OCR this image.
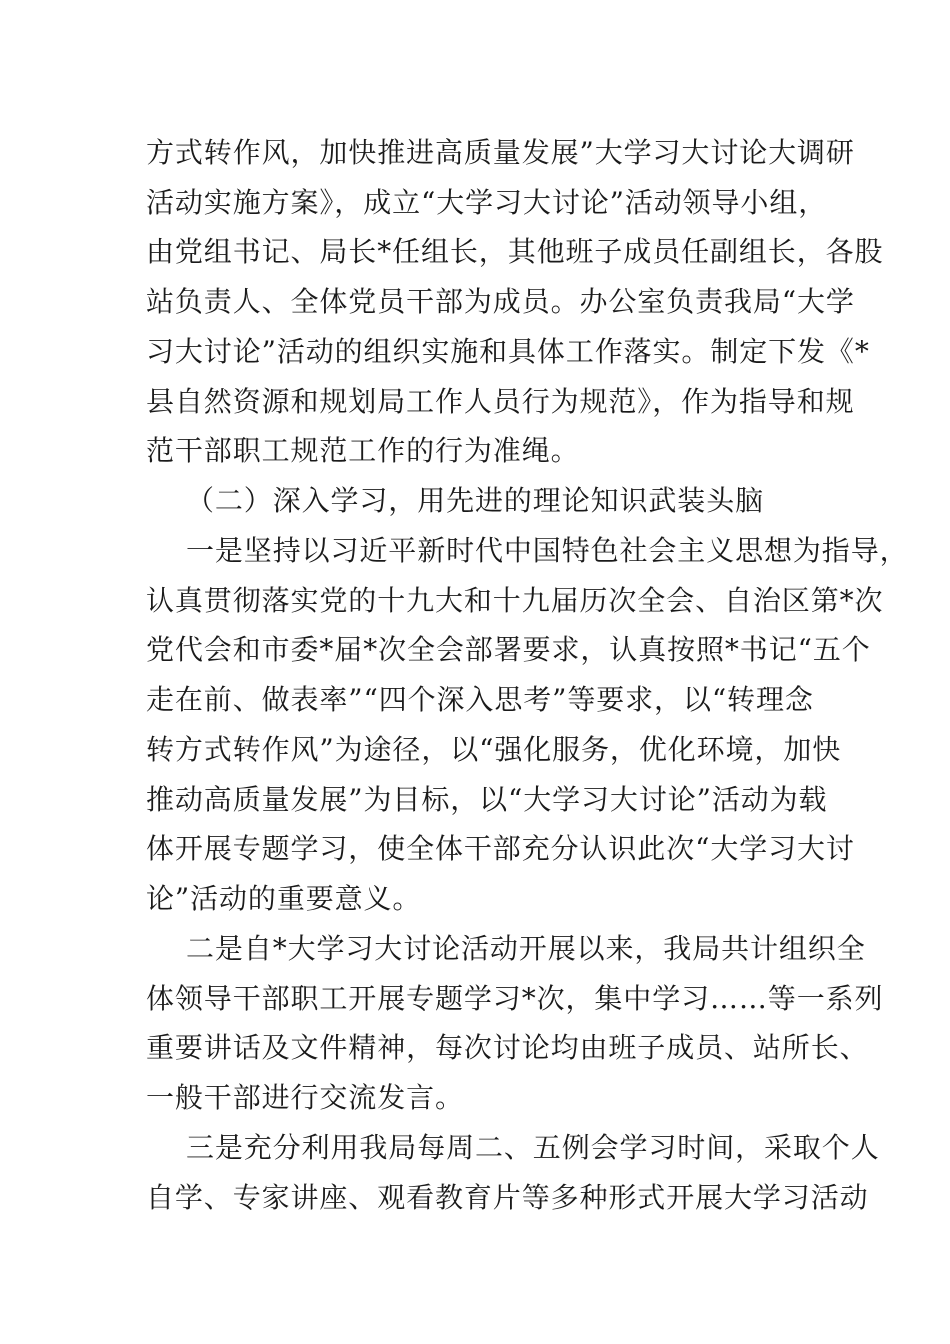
方式转作风，加快推进高质量发展”大学习大讨论大调研
活动实施方案》，成立“大学习大讨论”活动领导小组，
由党组书记、局长*任组长，其他班子成员任副组长，各股
站负责人、全体党员干部为成员。办公室负责我局“大学
习大讨论”活动的组织实施和具体工作落实。制定下发《*
县自然资源和规划局工作人员行为规范》，作为指导和规
范干部职工规范工作的行为准绳。
（二）深入学习，用先进的理论知识武装头脑
一是坚持以习近平新时代中国特色社会主义思想为指导，
认真贯彻落实党的十九大和十九届历次全会、自治区第*次
党代会和市委*届*次全会部署要求，认真按照*书记“五个
走在前、做表率”“四个深入思考”等要求，以“转理念
转方式转作风”为途径，以“强化服务，优化环境，加快
推动高质量发展”为目标，以“大学习大讨论”活动为载
体开展专题学习，使全体干部充分认识此次“大学习大讨
论”活动的重要意义。
二是自*大学习大讨论活动开展以来，我局共计组织全
体领导干部职工开展专题学习*次，集中学习……等一系列
重要讲话及文件精神，每次讨论均由班子成员、站所长、
一般干部进行交流发言。
三是充分利用我局每周二、五例会学习时间，采取个人
自学、专家讲座、观看教育片等多种形式开展大学习活动
